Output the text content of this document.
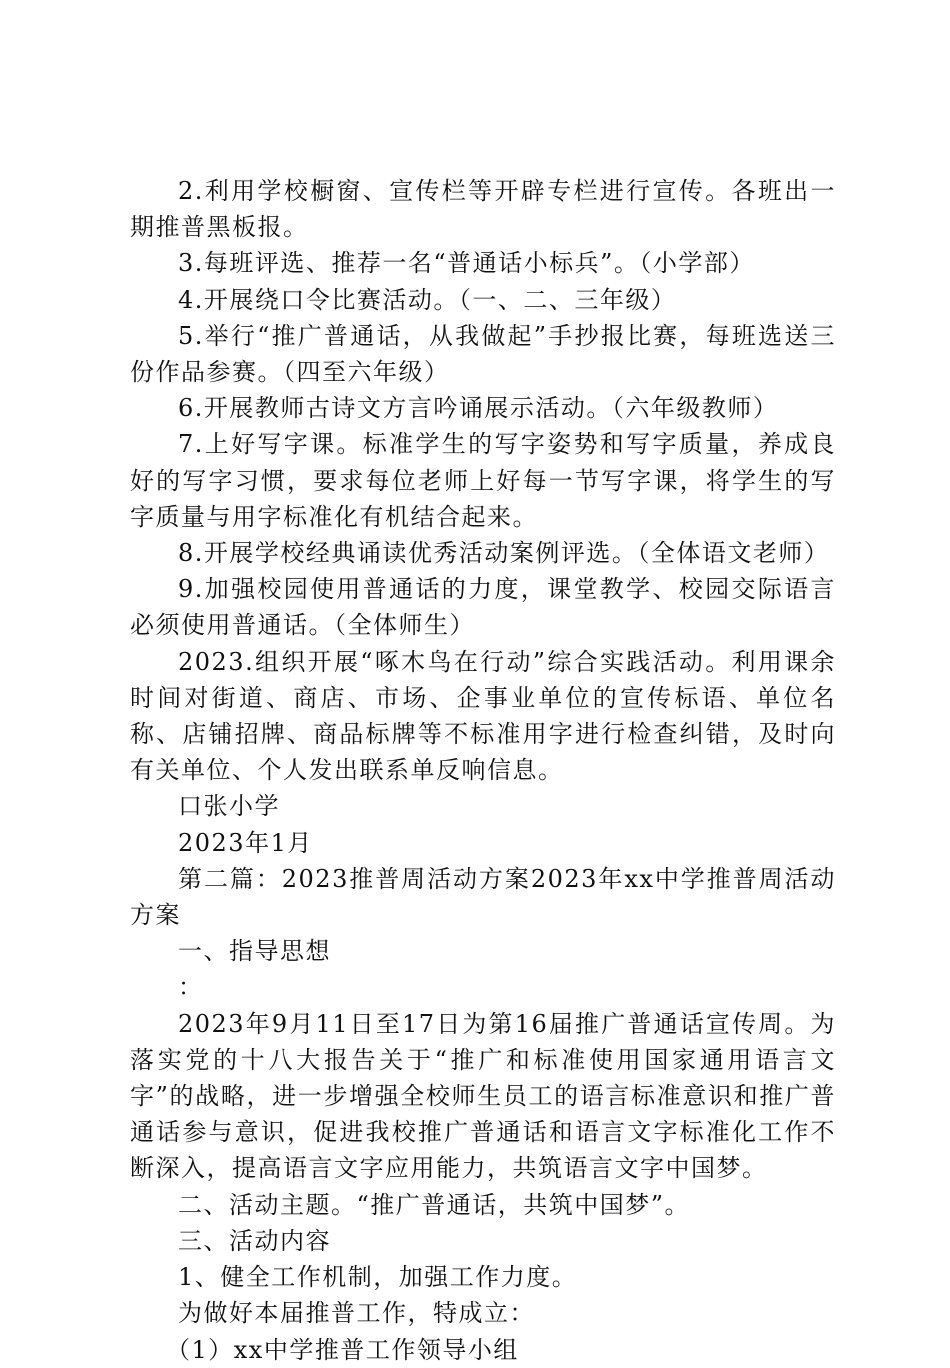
2.利用学校橱窗、宣传栏等开辟专栏进行宣传。各班出一期推普黑板报。

3.每班评选、推荐一名“普通话小标兵”。（小学部）

4.开展绕口令比赛活动。（一、二、三年级）

5.举行“推广普通话，从我做起”手抄报比赛，每班选送三份作品参赛。（四至六年级）

6.开展教师古诗文方言吟诵展示活动。（六年级教师）

7.上好写字课。标准学生的写字姿势和写字质量，养成良好的写字习惯，要求每位老师上好每一节写字课，将学生的写字质量与用字标准化有机结合起来。

8.开展学校经典诵读优秀活动案例评选。（全体语文老师）

9.加强校园使用普通话的力度，课堂教学、校园交际语言必须使用普通话。（全体师生）

2023.组织开展“啄木鸟在行动”综合实践活动。利用课余时间对街道、商店、市场、企事业单位的宣传标语、单位名称、店铺招牌、商品标牌等不标准用字进行检查纠错，及时向有关单位、个人发出联系单反响信息。

口张小学

2023年1月

第二篇：2023推普周活动方案2023年xx中学推普周活动方案

一、指导思想

：

2023年9月11日至17日为第16届推广普通话宣传周。为落实党的十八大报告关于“推广和标准使用国家通用语言文字”的战略，进一步增强全校师生员工的语言标准意识和推广普通话参与意识，促进我校推广普通话和语言文字标准化工作不断深入，提高语言文字应用能力，共筑语言文字中国梦。

二、活动主题。“推广普通话，共筑中国梦”。

三、活动内容

1、健全工作机制，加强工作力度。

为做好本届推普工作，特成立：

（1）xx中学推普工作领导小组
